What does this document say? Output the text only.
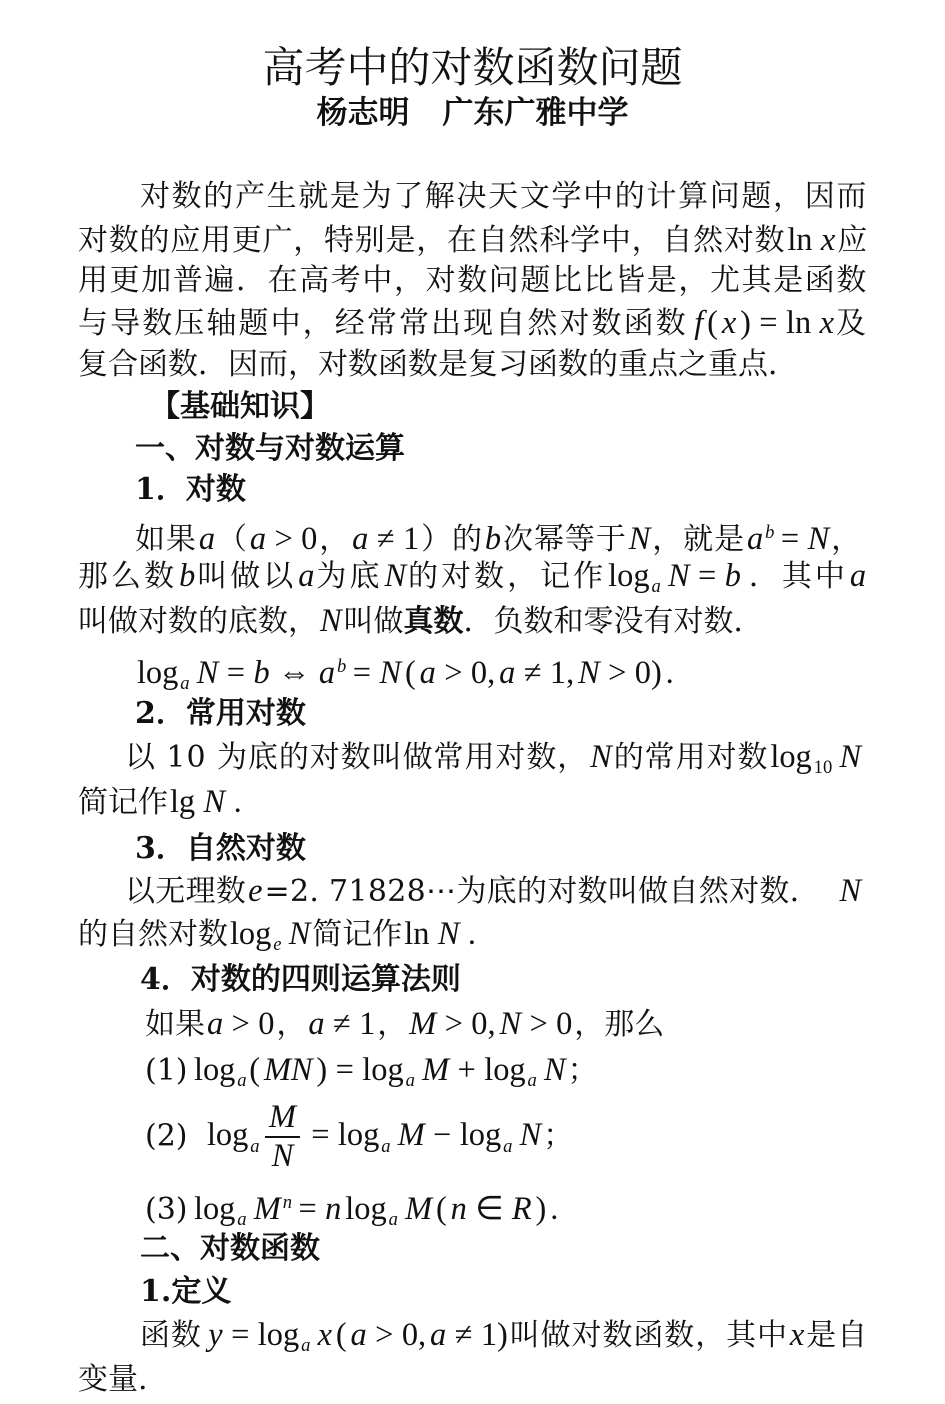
高考中的对数函数问题
杨志明 广东广雅中学
对数的产生就是为了解决天文学中的计算问题，因而
对数的应用更广，特别是，在自然科学中，自然对数ln x应
用更加普遍．在高考中，对数问题比比皆是，尤其是函数
与导数压轴题中，经常常出现自然对数函数 f ( x ) = ln x及
复合函数．因而，对数函数是复习函数的重点之重点．
【基础知识】
一、对数与对数运算
1．对数
如果a（a > 0，a ≠ 1）的b次幂等于N，就是a $^b$ = N，
那么数b叫做以a为底N的对数，记作log $_a$ N = b ．其中a
叫做对数的底数，N叫做真数．负数和零没有对数．
log $_a$ N = b ⇔ a $^b$ = N ( a > 0, a ≠ 1, N > 0) .
2．常用对数
以 10 为底的对数叫做常用对数，N的常用对数log $_{10}$ N
简记作lg N .
3．自然对数
以无理数e=2. 71828⋯为底的对数叫做自然对数． N
的自然对数log $_e$ N简记作ln N .
4．对数的四则运算法则
如果a > 0，a ≠ 1，M > 0, N > 0，那么
(1) log $_a$( MN ) = log $_a$ M + log $_a$ N；
(2) $\log _a \frac{M}{N} = \log _a$ M − log $_a$ N；
(3) log $_a$ M $^n$ = n log $_a$ M ( n ∈ R ) .
二、对数函数
1.定义
函数 y = log $_a$ x ( a > 0, a ≠ 1)叫做对数函数，其中x是自
变量.
